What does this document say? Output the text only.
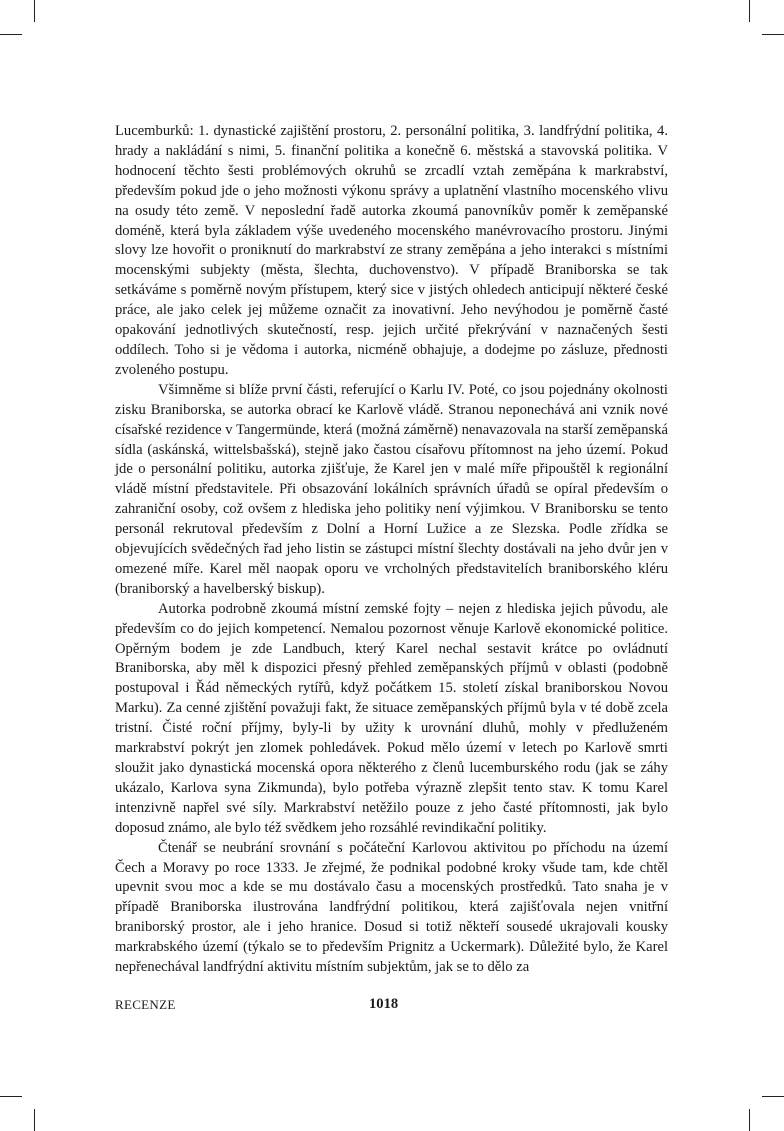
Lucemburků: 1. dynastické zajištění prostoru, 2. personální politika, 3. landfrýdní politika, 4. hrady a nakládání s nimi, 5. finanční politika a konečně 6. městská a stavovská politika. V hodnocení těchto šesti problémových okruhů se zrcadlí vztah zeměpána k markrabství, především pokud jde o jeho možnosti výkonu správy a uplatnění vlastního mocenského vlivu na osudy této země. V neposlední řadě autorka zkoumá panovníkův poměr k zeměpanské doméně, která byla základem výše uvedeného mocenského manévrovacího prostoru. Jinými slovy lze hovořit o proniknutí do markrabství ze strany zeměpána a jeho interakci s místními mocenskými subjekty (města, šlechta, duchovenstvo). V případě Braniborska se tak setkáváme s poměrně novým přístupem, který sice v jistých ohledech anticipují některé české práce, ale jako celek jej můžeme označit za inovativní. Jeho nevýhodou je poměrně časté opakování jednotlivých skutečností, resp. jejich určité překrývání v naznačených šesti oddílech. Toho si je vědoma i autorka, nicméně obhajuje, a dodejme po zásluze, přednosti zvoleného postupu.

Všimněme si blíže první části, referující o Karlu IV. Poté, co jsou pojednány okolnosti zisku Braniborska, se autorka obrací ke Karlově vládě. Stranou neponechává ani vznik nové císařské rezidence v Tangermünde, která (možná záměrně) nenavazovala na starší zeměpanská sídla (askánská, wittelsbašská), stejně jako častou císařovu přítomnost na jeho území. Pokud jde o personální politiku, autorka zjišťuje, že Karel jen v malé míře připouštěl k regionální vládě místní představitele. Při obsazování lokálních správních úřadů se opíral především o zahraniční osoby, což ovšem z hlediska jeho politiky není výjimkou. V Braniborsku se tento personál rekrutoval především z Dolní a Horní Lužice a ze Slezska. Podle zřídka se objevujících svědečných řad jeho listin se zástupci místní šlechty dostávali na jeho dvůr jen v omezené míře. Karel měl naopak oporu ve vrcholných představitelích braniborského kléru (braniborský a havelberský biskup).

Autorka podrobně zkoumá místní zemské fojty – nejen z hlediska jejich původu, ale především co do jejich kompetencí. Nemalou pozornost věnuje Karlově ekonomické politice. Opěrným bodem je zde Landbuch, který Karel nechal sestavit krátce po ovládnutí Braniborska, aby měl k dispozici přesný přehled zeměpanských příjmů v oblasti (podobně postupoval i Řád německých rytířů, když počátkem 15. století získal braniborskou Novou Marku). Za cenné zjištění považuji fakt, že situace zeměpanských příjmů byla v té době zcela tristní. Čisté roční příjmy, byly-li by užity k urovnání dluhů, mohly v předluženém markrabství pokrýt jen zlomek pohledávek. Pokud mělo území v letech po Karlově smrti sloužit jako dynastická mocenská opora některého z členů lucemburského rodu (jak se záhy ukázalo, Karlova syna Zikmunda), bylo potřeba výrazně zlepšit tento stav. K tomu Karel intenzivně napřel své síly. Markrabství netěžilo pouze z jeho časté přítomnosti, jak bylo doposud známo, ale bylo též svědkem jeho rozsáhlé revindikační politiky.

Čtenář se neubrání srovnání s počáteční Karlovou aktivitou po příchodu na území Čech a Moravy po roce 1333. Je zřejmé, že podnikal podobné kroky všude tam, kde chtěl upevnit svou moc a kde se mu dostávalo času a mocenských prostředků. Tato snaha je v případě Braniborska ilustrována landfrýdní politikou, která zajišťovala nejen vnitřní braniborský prostor, ale i jeho hranice. Dosud si totiž někteří sousedé ukrajovali kousky markrabského území (týkalo se to především Prignitz a Uckermark). Důležité bylo, že Karel nepřenechával landfrýdní aktivitu místním subjektům, jak se to dělo za

RECENZE	1018
